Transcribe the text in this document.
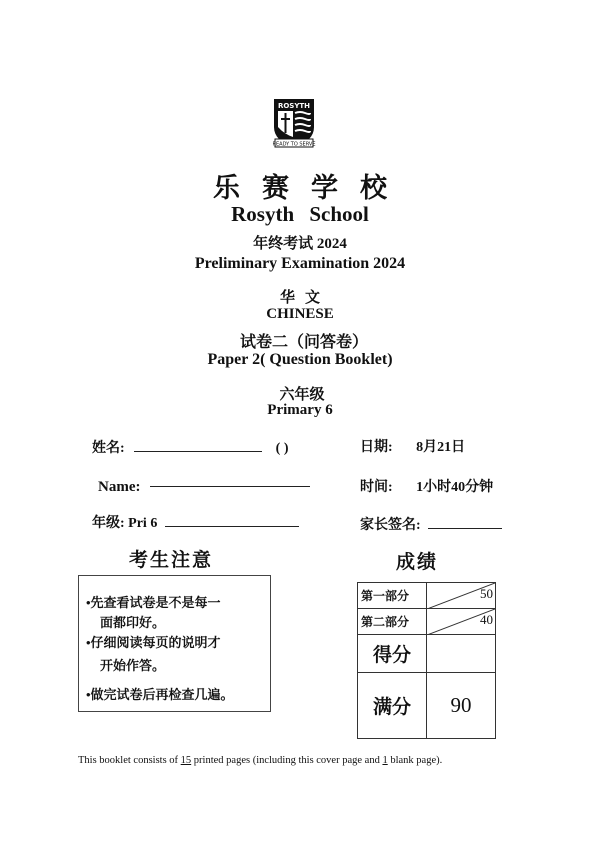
ROSYTH
READY TO SERVE
乐赛学校
Rosyth School
年终考试 2024
Preliminary Examination 2024
华文
CHINESE
试卷二（问答卷）
Paper 2( Question Booklet)
六年级
Primary 6
姓名:	( )
Name:
年级: Pri 6
日期: 8月21日
时间: 1小时40分钟
家长签名:
考生注意
•先查看试卷是不是每一
面都印好。
•仔细阅读每页的说明才
开始作答。
•做完试卷后再检查几遍。
成绩
第一部分	50

第二部分	40

得分	
满分	90
This booklet consists of 15 printed pages (including this cover page and 1 blank page).
